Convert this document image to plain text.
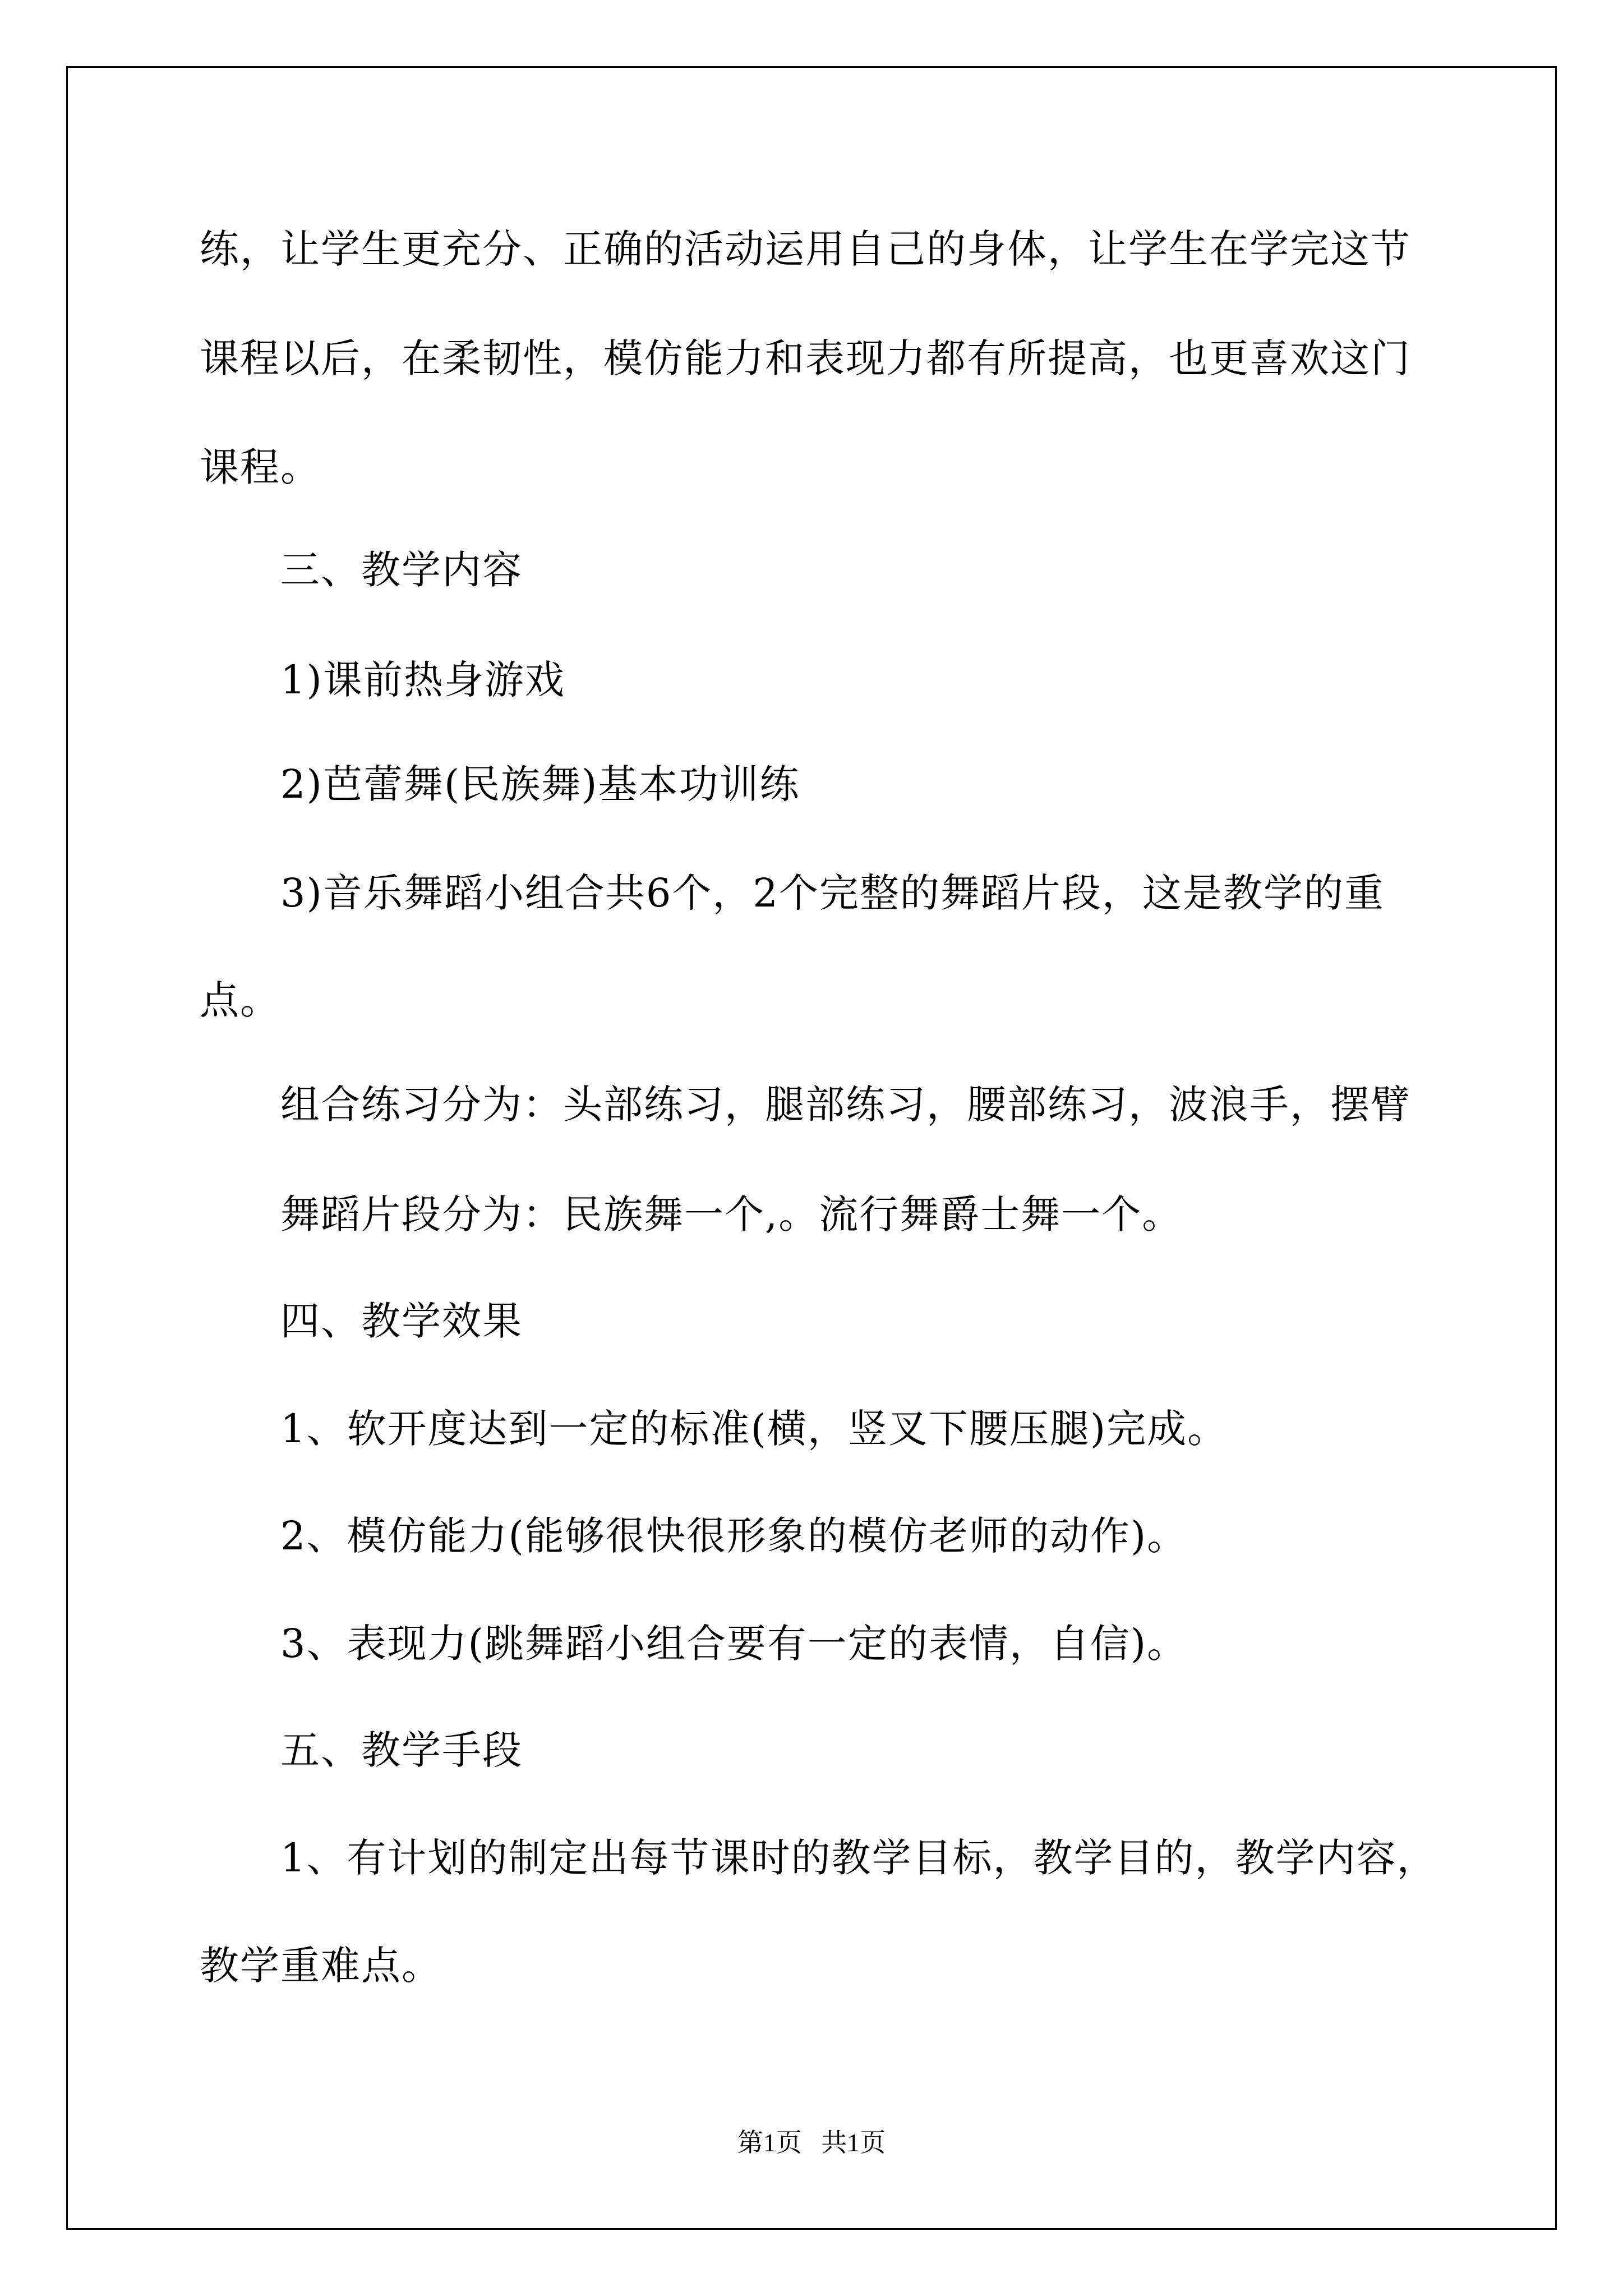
练，让学生更充分、正确的活动运用自己的身体，让学生在学完这节
课程以后，在柔韧性，模仿能力和表现力都有所提高，也更喜欢这门
课程。
三、教学内容
1)课前热身游戏
2)芭蕾舞(民族舞)基本功训练
3)音乐舞蹈小组合共6个，2个完整的舞蹈片段，这是教学的重
点。
组合练习分为：头部练习，腿部练习，腰部练习，波浪手，摆臂
舞蹈片段分为：民族舞一个,。流行舞爵士舞一个。
四、教学效果
1、软开度达到一定的标准(横，竖叉下腰压腿)完成。
2、模仿能力(能够很快很形象的模仿老师的动作)。
3、表现力(跳舞蹈小组合要有一定的表情，自信)。
五、教学手段
1、有计划的制定出每节课时的教学目标，教学目的，教学内容，
教学重难点。
第1页   共1页
